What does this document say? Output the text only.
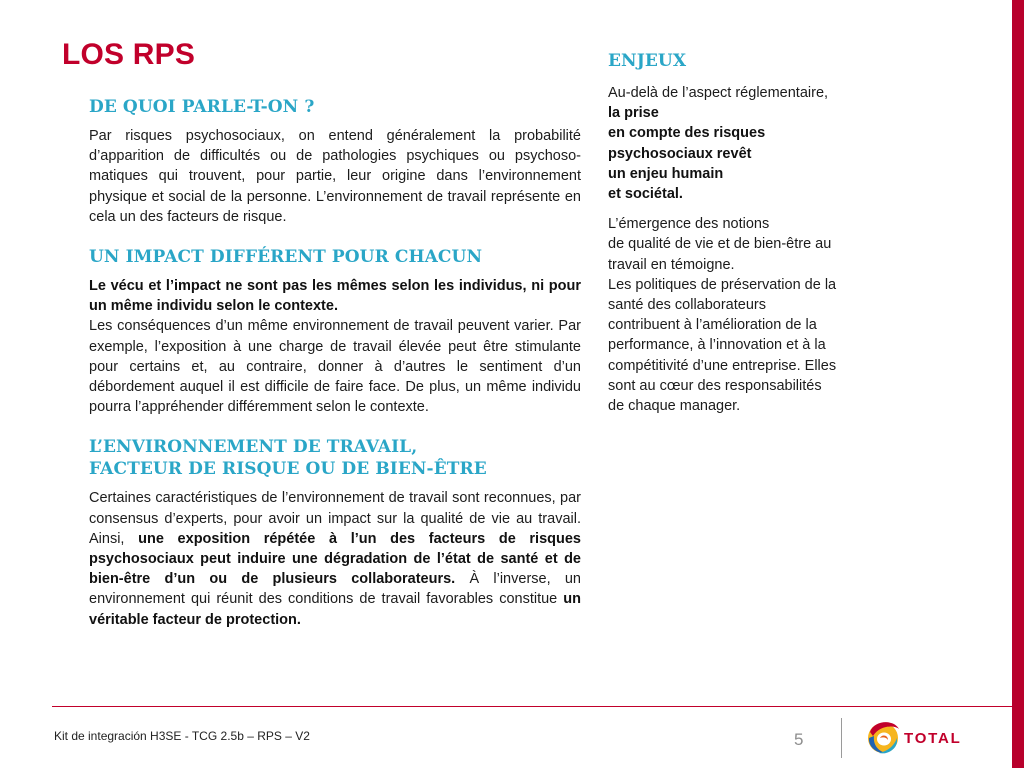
LOS RPS
DE QUOI PARLE-T-ON ?

Par risques psychosociaux, on entend généralement la probabilité d’apparition de difficultés ou de pathologies psychiques ou psychosomatiques qui trouvent, pour partie, leur origine dans l’environnement physique et social de la personne. L’environnement de travail représente en cela un des facteurs de risque.

UN IMPACT DIFFÉRENT POUR CHACUN

Le vécu et l’impact ne sont pas les mêmes selon les individus, ni pour un même individu selon le contexte.
Les conséquences d’un même environnement de travail peuvent varier. Par exemple, l’exposition à une charge de travail élevée peut être stimulante pour certains et, au contraire, donner à d’autres le sentiment d’un débordement auquel il est difficile de faire face. De plus, un même individu pourra l’appréhender différemment selon le contexte.

L’ENVIRONNEMENT DE TRAVAIL,
FACTEUR DE RISQUE OU DE BIEN-ÊTRE

Certaines caractéristiques de l’environnement de travail sont reconnues, par consensus d’experts, pour avoir un impact sur la qualité de vie au travail. Ainsi, une exposition répétée à l’un des facteurs de risques psychosociaux peut induire une dégradation de l’état de santé et de bien-être d’un ou de plusieurs collaborateurs. À l’inverse, un environnement qui réunit des conditions de travail favorables constitue un véritable facteur de protection.

ENJEUX

Au-delà de l’aspect réglementaire, la prise
en compte des risques psychosociaux revêt
un enjeu humain
et sociétal.

L’émergence des notions
de qualité de vie et de bien-être au travail en témoigne.
Les politiques de préservation de la santé des collaborateurs contribuent à l’amélioration de la performance, à l’innovation et à la compétitivité d’une entreprise. Elles sont au cœur des responsabilités de chaque manager.

Kit de integración H3SE - TCG 2.5b – RPS – V2	5	TOTAL
